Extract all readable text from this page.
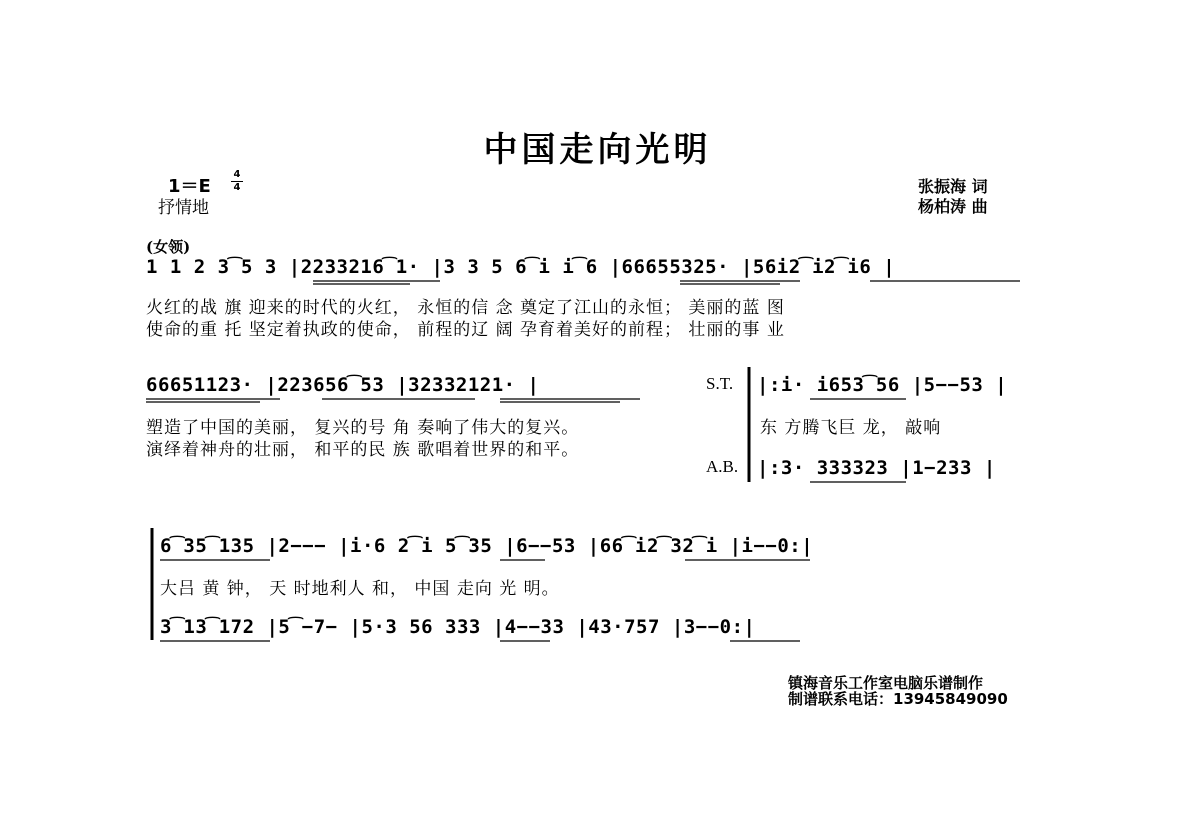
中国走向光明
1＝E
4
4
抒情地
张振海 词
杨柏涛 曲
(女领)
1 1 2 3͡5 3 |2233216͡1· |3 3 5 6͡i i͡6 |66655325· |56i2͡i2͡i6 |
火红的战 旗 迎来的时代的火红， 永恒的信 念 奠定了江山的永恒； 美丽的蓝 图
使命的重 托 坚定着执政的使命， 前程的辽 阔 孕育着美好的前程； 壮丽的事 业
66651123· |223656͡53 |32332121· |	S.T. |:i· i653͡56 |5−−53 |
东 方腾飞巨 龙， 敲响
塑造了中国的美丽， 复兴的号 角 奏响了伟大的复兴。
演绎着神舟的壮丽， 和平的民 族 歌唱着世界的和平。
A.B. |:3· 333323 |1−233 |
6͡35͡135 |2−−− |i·6 2͡i 5͡35 |6−−53 |66͡i2͡32͡i |i−−0:|
大吕 黄 钟， 天 时地利人 和， 中国 走向 光 明。
3͡13͡172 |5͡−7− |5·3 56 333 |4−−33 |43·757 |3−−0:|
镇海音乐工作室电脑乐谱制作
制谱联系电话：13945849090
